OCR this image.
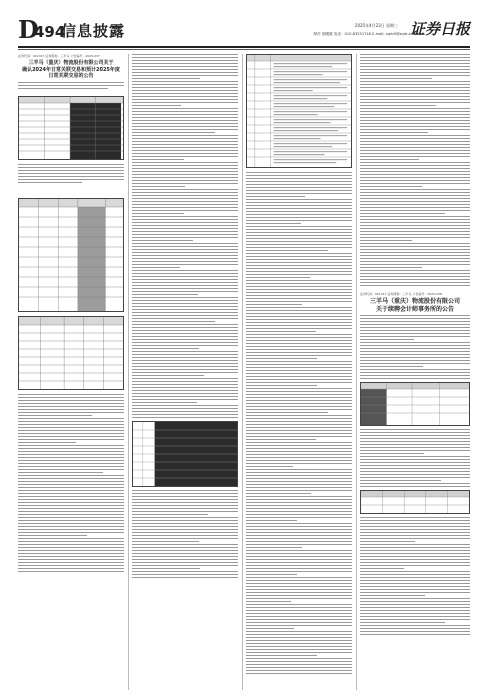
D
494
信息披露	2025年4月23日 星期三
制作 胡媛媛 电话：010-83251716 E-mail: zqrb9@zqrb.sina.net
证券日报
证券代码：001317 证券简称：三羊马 公告编号：2025-037
三羊马（重庆）物流股份有限公司关于
确认2024年日常关联交易和预计2025年度
日常关联交易的公告
证券代码：001317 证券简称：三羊马 公告编号：2025-038
三羊马（重庆）物流股份有限公司
关于续聘会计师事务所的公告
